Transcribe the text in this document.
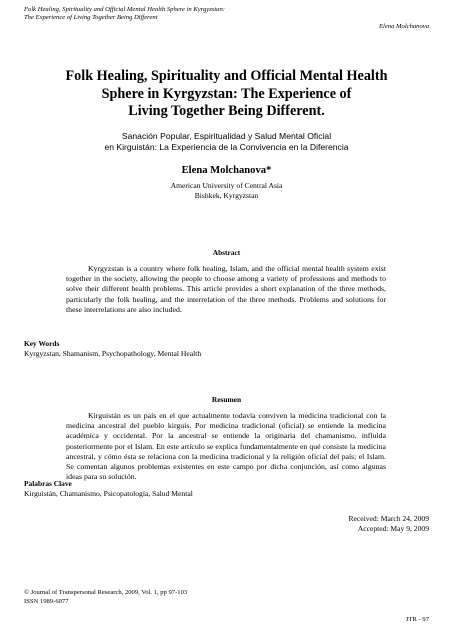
Folk Healing, Spirituality and Official Mental Health Sphere in Kyrgyzstan:
The Experience of Living Together Being Different
Elena Molchanova
Folk Healing, Spirituality and Official Mental Health
Sphere in Kyrgyzstan: The Experience of
Living Together Being Different.
Sanación Popular, Espiritualidad y Salud Mental Oficial
en Kirguistán: La Experiencia de la Convivencia en la Diferencia
Elena Molchanova*
American University of Central Asia
Bishkek, Kyrgyzstan
Abstract
Kyrgyzstan is a country where folk healing, Islam, and the official mental health system exist together in the society, allowing the people to choose among a variety of professions and methods to solve their different health problems. This article provides a short explanation of the three methods, particularly the folk healing, and the interrelation of the three methods. Problems and solutions for these interrelations are also included.
Key Words
Kyrgyzstan, Shamanism, Psychopathology, Mental Health
Resumen
Kirguistán es un país en el que actualmente todavía conviven la medicina tradicional con la medicina ancestral del pueblo kirguis. Por medicina tradicional (oficial) se entiende la medicina académica y occidental. Por la ancestral se entiende la originaria del chamanismo, influida posteriormente por el Islam. En este artículo se explica fundamentalmente en qué consiste la medicina ancestral, y cómo ésta se relaciona con la medicina tradicional y la religión oficial del país; el Islam. Se comentan algunos problemas existentes en este campo por dicha conjunción, así como algunas ideas para su solución.
Palabras Clave
Kirguistán, Chamanismo, Psicopatología, Salud Mental
Received: March 24, 2009
Accepted: May 9, 2009
© Journal of Transpersonal Research, 2009, Vol. 1, pp 97-103
ISSN 1989-6077
JTR - 97
